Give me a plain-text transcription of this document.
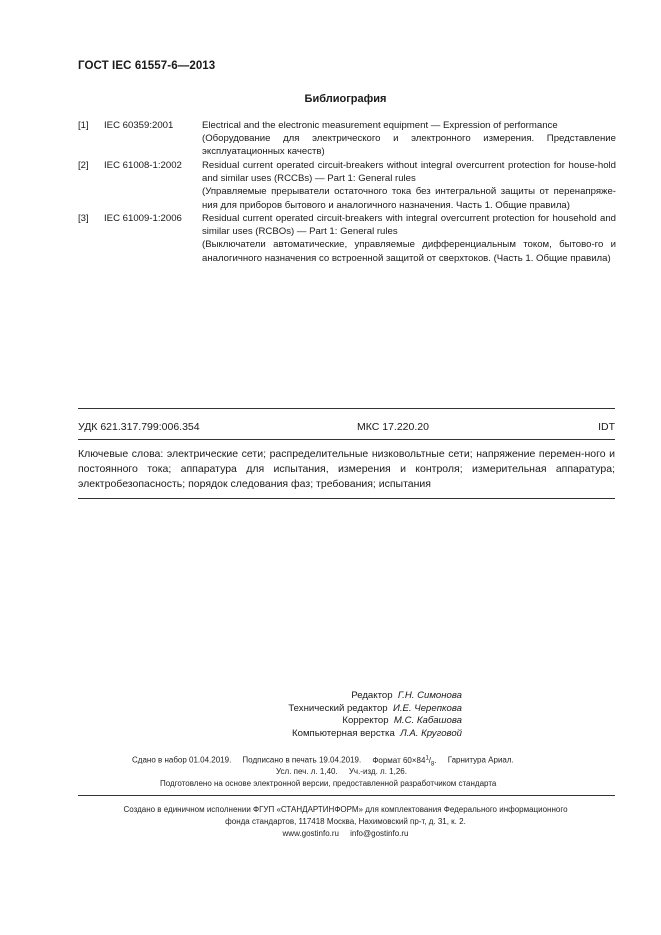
ГОСТ IEC 61557-6—2013
Библиография
[1] IEC 60359:2001	Electrical and the electronic measurement equipment — Expression of performance
(Оборудование для электрического и электронного измерения. Представление эксплуатационных качеств)
[2] IEC 61008-1:2002 Residual current operated circuit-breakers without integral overcurrent protection for house-hold and similar uses (RCCBs) — Part 1: General rules
(Управляемые прерыватели остаточного тока без интегральной защиты от перенапряже-ния для приборов бытового и аналогичного назначения. Часть 1. Общие правила)
[3] IEC 61009-1:2006 Residual current operated circuit-breakers with integral overcurrent protection for household and similar uses (RCBOs) — Part 1: General rules
(Выключатели автоматические, управляемые дифференциальным током, бытово-го и аналогичного назначения со встроенной защитой от сверхтоков. (Часть 1. Общие правила)
УДК 621.317.799:006.354	МКС 17.220.20	IDT
Ключевые слова: электрические сети; распределительные низковольтные сети; напряжение перемен-ного и постоянного тока; аппаратура для испытания, измерения и контроля; измерительная аппаратура; электробезопасность; порядок следования фаз; требования; испытания
Редактор Г.Н. Симонова
Технический редактор И.Е. Черепкова
Корректор М.С. Кабашова
Компьютерная верстка Л.А. Круговой
Сдано в набор 01.04.2019. Подписано в печать 19.04.2019. Формат $60\times 84^1/_8$. Гарнитура Ариал.
Усл. печ. л. 1,40. Уч.-изд. л. 1,26.
Подготовлено на основе электронной версии, предоставленной разработчиком стандарта
Создано в единичном исполнении ФГУП «СТАНДАРТИНФОРМ» для комплектования Федерального информационного
фонда стандартов, 117418 Москва, Нахимовский пр-т, д. 31, к. 2.
www.gostinfo.ru info@gostinfo.ru
